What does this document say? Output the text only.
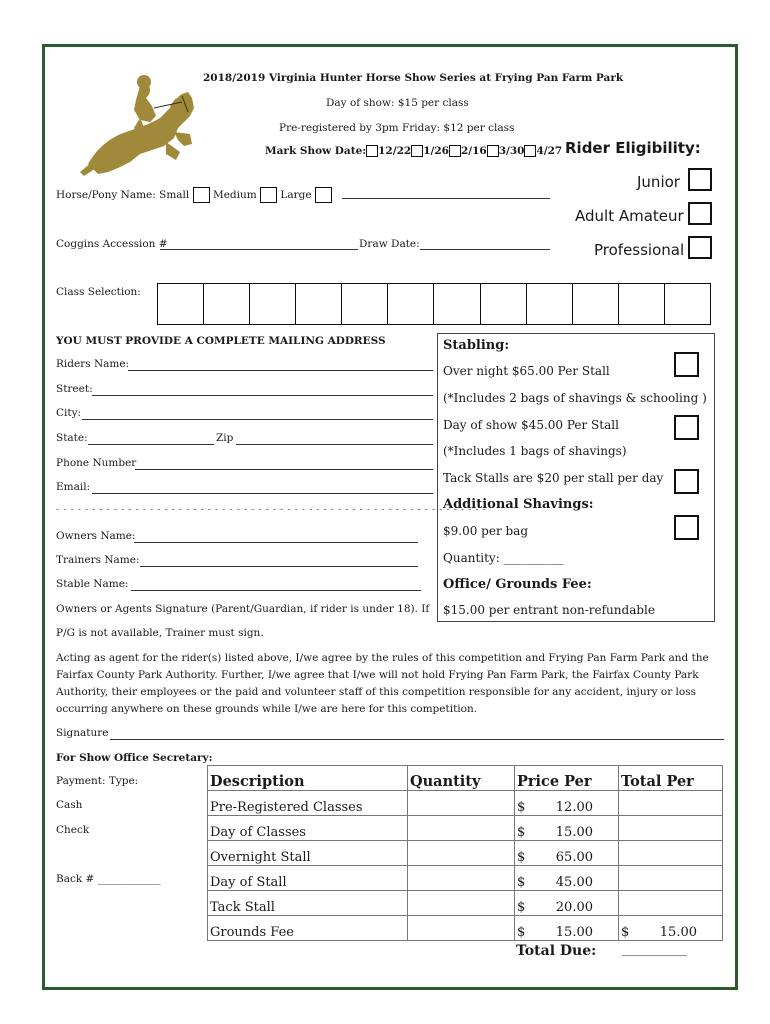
2018/2019 Virginia Hunter Horse Show Series at Frying Pan Farm Park
Day of show: $15 per class
Pre-registered by 3pm Friday: $12 per class
Mark Show Date: 12/22 1/26 2/16 3/30 4/27 Rider Eligibility:
Junior
Adult Amateur
Professional
Horse/Pony Name: Small Medium Large
Coggins Accession #	Draw Date:
Class Selection:
YOU MUST PROVIDE A COMPLETE MAILING ADDRESS
Riders Name:
Street:
City:
State:	Zip
Phone Number
Email:
- - - - - - - - - - - - - - - - - - - - - - - - - - - - - - - - - - - - - - - - - - - - - - - - - - - - - - - - - - - -
Owners Name:
Trainers Name:
Stable Name:
Owners or Agents Signature (Parent/Guardian, if rider is under 18). If
P/G is not available, Trainer must sign.
Stabling:
Over night $65.00 Per Stall
(*Includes 2 bags of shavings & schooling )
Day of show $45.00 Per Stall
(*Includes 1 bags of shavings)
Tack Stalls are $20 per stall per day
Additional Shavings:
$9.00 per bag
Quantity: __________
Office/ Grounds Fee:
$15.00 per entrant non-refundable
Acting as agent for the rider(s) listed above, I/we agree by the rules of this competition and Frying Pan Farm Park and the
Fairfax County Park Authority. Further, I/we agree that I/we will not hold Frying Pan Farm Park, the Fairfax County Park
Authority, their employees or the paid and volunteer staff of this competition responsible for any accident, injury or loss
occurring anywhere on these grounds while I/we are here for this competition.
Signature
For Show Office Secretary:
Payment: Type:
Cash
Check
Back # ____________
Description	Quantity	Price Per	Total Per
Pre-Registered Classes		$ 12.00	
Day of Classes		$ 15.00	
Overnight Stall		$ 65.00	
Day of Stall		$ 45.00	
Tack Stall		$ 20.00	
Grounds Fee		$ 15.00	$ 15.00
Total Due: __________
